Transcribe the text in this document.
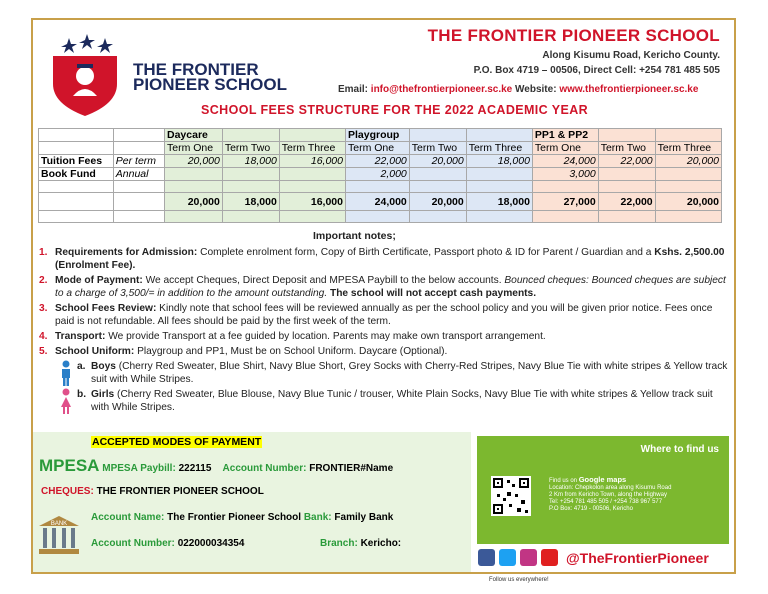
THE FRONTIER
PIONEER SCHOOL
THE FRONTIER PIONEER SCHOOL
Along Kisumu Road, Kericho County.
P.O. Box 4719 – 00506, Direct Cell: +254 781 485 505
Email: info@thefrontierpioneer.sc.ke Website: www.thefrontierpioneer.sc.ke
SCHOOL FEES STRUCTURE FOR THE 2022 ACADEMIC YEAR
		Daycare			Playgroup			PP1 & PP2		
		Term One	Term Two	Term Three	Term One	Term Two	Term Three	Term One	Term Two	Term Three
Tuition Fees	Per term	20,000	18,000	16,000	22,000	20,000	18,000	24,000	22,000	20,000
Book Fund	Annual				2,000			3,000		

		20,000	18,000	16,000	24,000	20,000	18,000	27,000	22,000	20,000

Important notes;
1. Requirements for Admission: Complete enrolment form, Copy of Birth Certificate, Passport photo & ID for Parent / Guardian and a Kshs. 2,500.00 (Enrolment Fee).
2. Mode of Payment: We accept Cheques, Direct Deposit and MPESA Paybill to the below accounts. Bounced cheques: Bounced cheques are subject to a charge of 3,500/= in addition to the amount outstanding. The school will not accept cash payments.
3. School Fees Review: Kindly note that school fees will be reviewed annually as per the school policy and you will be given prior notice. Fees once paid is not refundable. All fees should be paid by the first week of the term.
4. Transport: We provide Transport at a fee guided by location. Parents may make own transport arrangement.
5. School Uniform: Playgroup and PP1, Must be on School Uniform. Daycare (Optional).
a. Boys (Cherry Red Sweater, Blue Shirt, Navy Blue Short, Grey Socks with Cherry-Red Stripes, Navy Blue Tie with white stripes & Yellow track suit with While Stripes.
b. Girls (Cherry Red Sweater, Blue Blouse, Navy Blue Tunic / trouser, White Plain Socks, Navy Blue Tie with white stripes & Yellow track suit with While Stripes.
ACCEPTED MODES OF PAYMENT
MPESA MPESA Paybill: 222115 Account Number: FRONTIER#Name
CHEQUES: THE FRONTIER PIONEER SCHOOL
BANK
Account Name: The Frontier Pioneer School Bank: Family Bank
Account Number: 022000034354	Branch: Kericho:
Where to find us
Find us on Google maps
Location: Chepkolon area along Kisumu Road
2 Km from Kericho Town, along the Highway
Tel: +254 781 485 505 / +254 738 967 577
P.O Box: 4719 - 00506, Kericho
@TheFrontierPioneer
Follow us everywhere!
